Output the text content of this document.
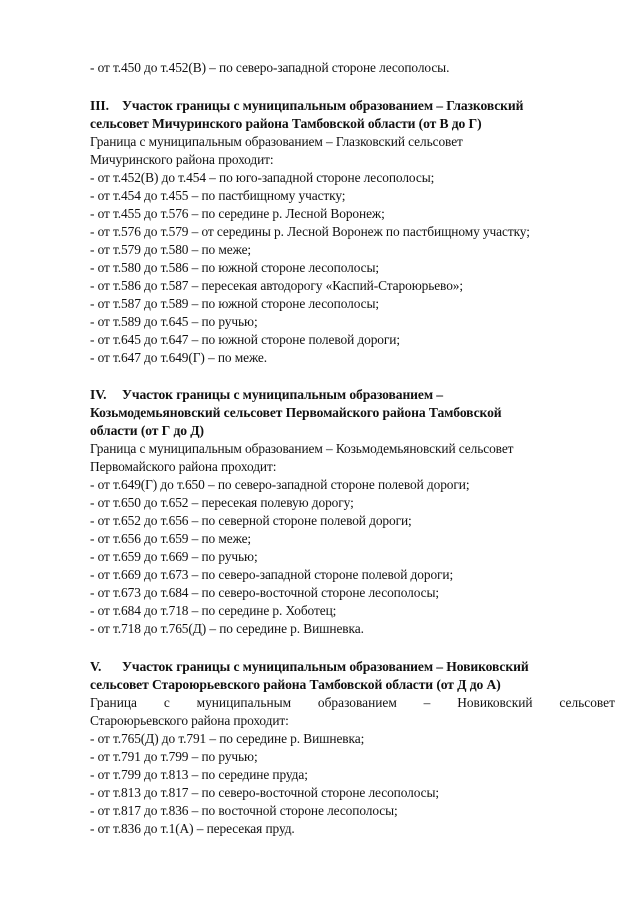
- от т.450 до т.452(В) – по северо-западной стороне лесополосы.
III. Участок границы с муниципальным образованием – Глазковский
сельсовет Мичуринского района Тамбовской области (от В до Г)
Граница с муниципальным образованием – Глазковский сельсовет
Мичуринского района проходит:
- от т.452(В) до т.454 – по юго-западной стороне лесополосы;
- от т.454 до т.455 – по пастбищному участку;
- от т.455 до т.576 – по середине р. Лесной Воронеж;
- от т.576 до т.579 – от середины р. Лесной Воронеж по пастбищному участку;
- от т.579 до т.580 – по меже;
- от т.580 до т.586 – по южной стороне лесополосы;
- от т.586 до т.587 – пересекая автодорогу «Каспий-Староюрьево»;
- от т.587 до т.589 – по южной стороне лесополосы;
- от т.589 до т.645 – по ручью;
- от т.645 до т.647 – по южной стороне полевой дороги;
- от т.647 до т.649(Г) – по меже.
IV. Участок границы с муниципальным образованием –
Козьмодемьяновский сельсовет Первомайского района Тамбовской
области (от Г до Д)
Граница с муниципальным образованием – Козьмодемьяновский сельсовет
Первомайского района проходит:
- от т.649(Г) до т.650 – по северо-западной стороне полевой дороги;
- от т.650 до т.652 – пересекая полевую дорогу;
- от т.652 до т.656 – по северной стороне полевой дороги;
- от т.656 до т.659 – по меже;
- от т.659 до т.669 – по ручью;
- от т.669 до т.673 – по северо-западной стороне полевой дороги;
- от т.673 до т.684 – по северо-восточной стороне лесополосы;
- от т.684 до т.718 – по середине р. Хоботец;
- от т.718 до т.765(Д) – по середине р. Вишневка.
V. Участок границы с муниципальным образованием – Новиковский
сельсовет Староюрьевского района Тамбовской области (от Д до А)
Граница с муниципальным образованием – Новиковский сельсовет
Староюрьевского района проходит:
- от т.765(Д) до т.791 – по середине р. Вишневка;
- от т.791 до т.799 – по ручью;
- от т.799 до т.813 – по середине пруда;
- от т.813 до т.817 – по северо-восточной стороне лесополосы;
- от т.817 до т.836 – по восточной стороне лесополосы;
- от т.836 до т.1(А) – пересекая пруд.
